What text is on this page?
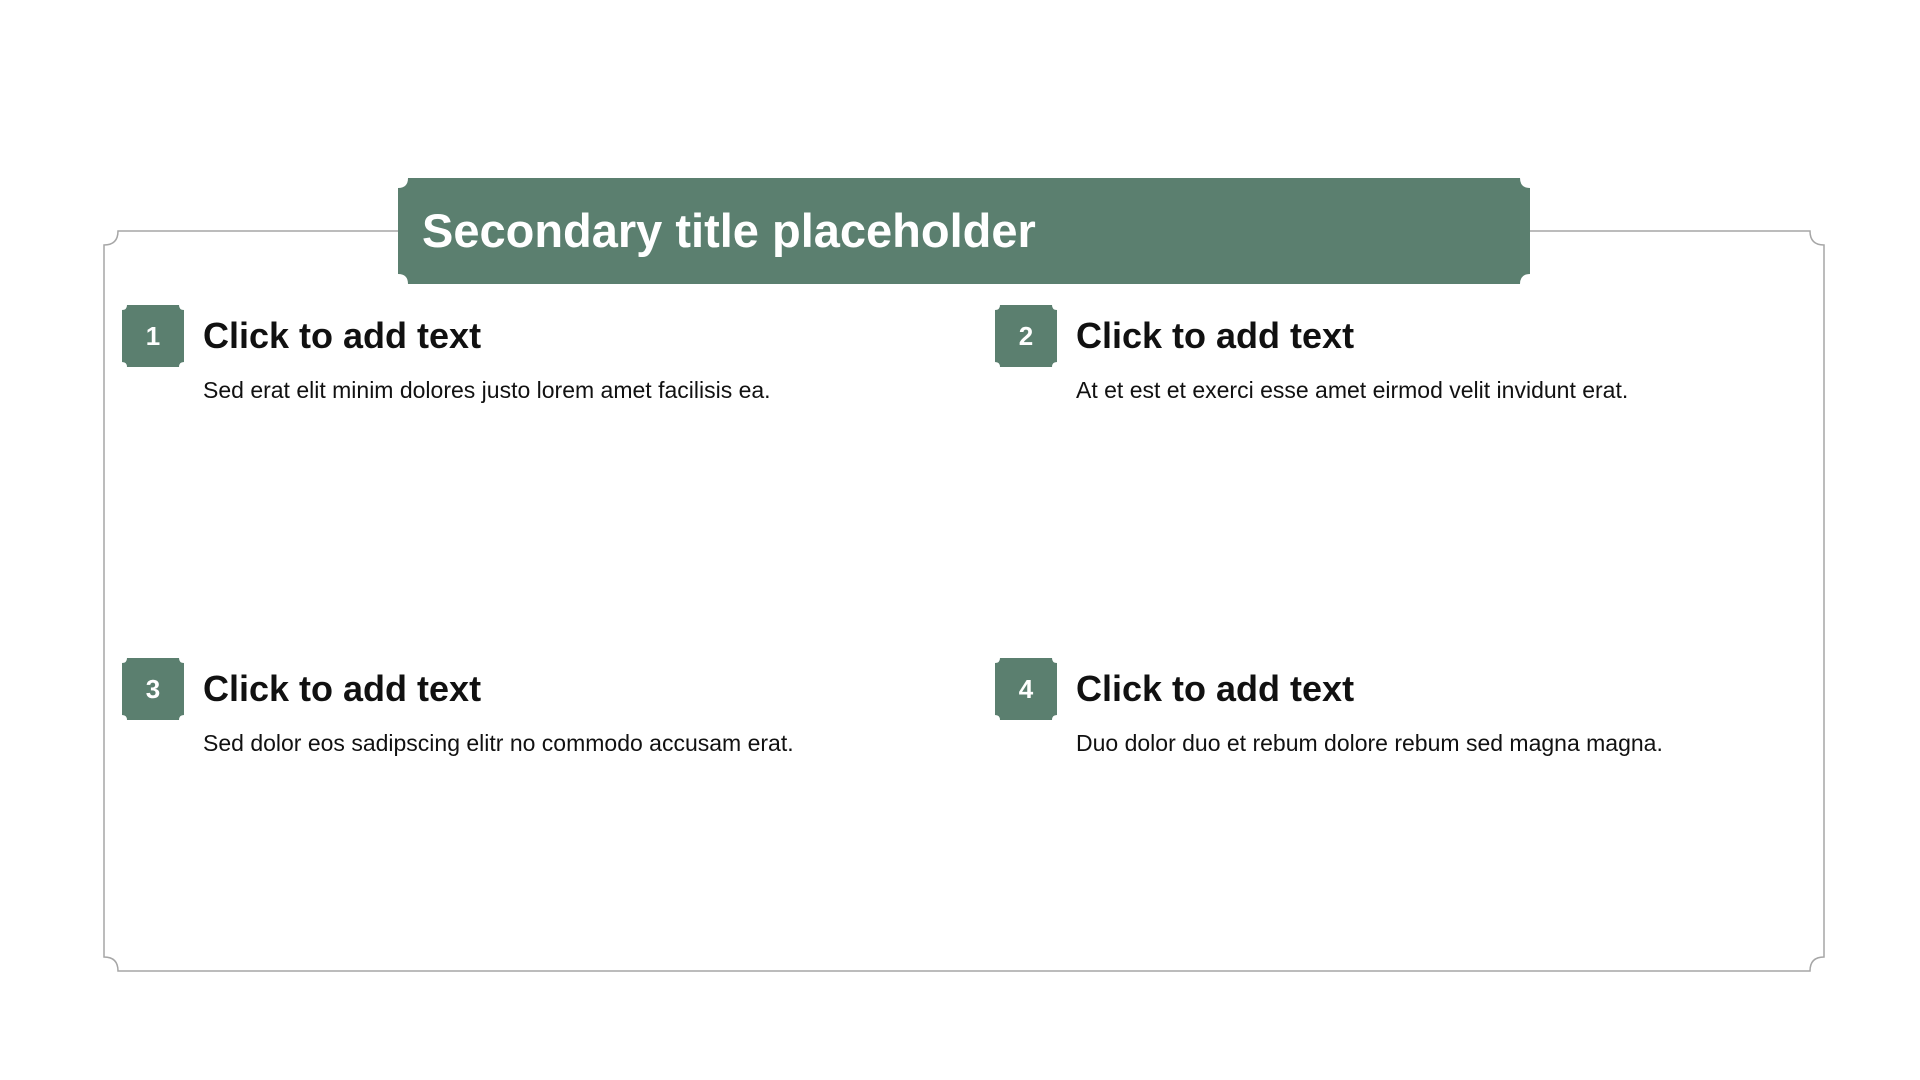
Secondary title placeholder
1	Click to add text
Sed erat elit minim dolores justo lorem amet facilisis ea.
2	Click to add text
At et est et exerci esse amet eirmod velit invidunt erat.
3	Click to add text
Sed dolor eos sadipscing elitr no commodo accusam erat.
4	Click to add text
Duo dolor duo et rebum dolore rebum sed magna magna.
